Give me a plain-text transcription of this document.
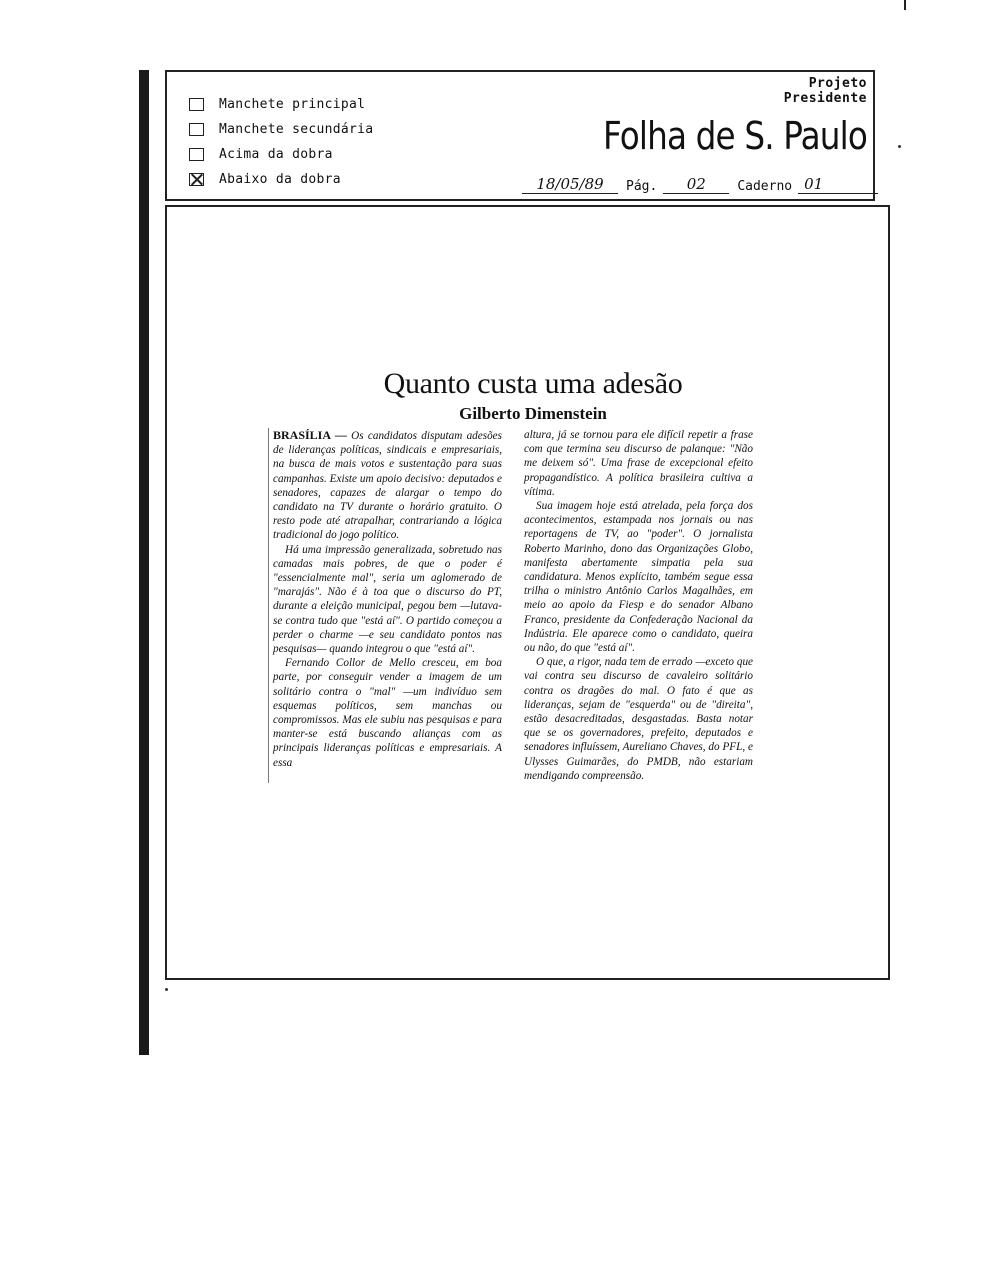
Manchete principal
Manchete secundária
Acima da dobra
Abaixo da dobra
Projeto
Presidente
Folha de S. Paulo
18/05/89	Pág.	02	Caderno 01
Quanto custa uma adesão
Gilberto Dimenstein

BRASÍLIA — Os candidatos disputam adesões de lideranças políticas, sindicais e empresariais, na busca de mais votos e sustentação para suas campanhas. Existe um apoio decisivo: deputados e senadores, capazes de alargar o tempo do candidato na TV durante o horário gratuito. O resto pode até atrapalhar, contrariando a lógica tradicional do jogo político.

Há uma impressão generalizada, sobretudo nas camadas mais pobres, de que o poder é "essencialmente mal", seria um aglomerado de "marajás". Não é à toa que o discurso do PT, durante a eleição municipal, pegou bem —lutava-se contra tudo que "está aí". O partido começou a perder o charme —e seu candidato pontos nas pesquisas— quando integrou o que "está aí".

Fernando Collor de Mello cresceu, em boa parte, por conseguir vender a imagem de um solitário contra o "mal" —um indivíduo sem esquemas políticos, sem manchas ou compromissos. Mas ele subiu nas pesquisas e para manter-se está buscando alianças com as principais lideranças políticas e empresariais. A essa

altura, já se tornou para ele difícil repetir a frase com que termina seu discurso de palanque: "Não me deixem só". Uma frase de excepcional efeito propagandístico. A política brasileira cultiva a vítima.

Sua imagem hoje está atrelada, pela força dos acontecimentos, estampada nos jornais ou nas reportagens de TV, ao "poder". O jornalista Roberto Marinho, dono das Organizações Globo, manifesta abertamente simpatia pela sua candidatura. Menos explícito, também segue essa trilha o ministro Antônio Carlos Magalhães, em meio ao apoio da Fiesp e do senador Albano Franco, presidente da Confederação Nacional da Indústria. Ele aparece como o candidato, queira ou não, do que "está aí".

O que, a rigor, nada tem de errado —exceto que vai contra seu discurso de cavaleiro solitário contra os dragões do mal. O fato é que as lideranças, sejam de "esquerda" ou de "direita", estão desacreditadas, desgastadas. Basta notar que se os governadores, prefeito, deputados e senadores influíssem, Aureliano Chaves, do PFL, e Ulysses Guimarães, do PMDB, não estariam mendigando compreensão.
